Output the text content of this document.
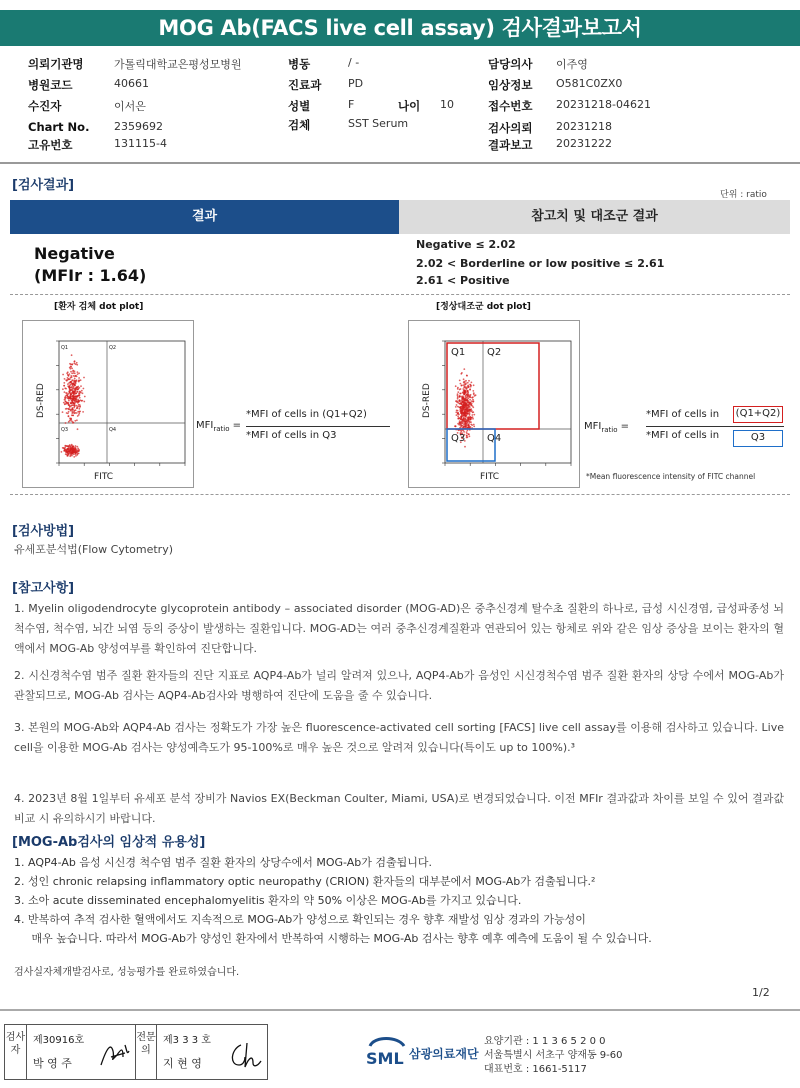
MOG Ab(FACS live cell assay) 검사결과보고서
의뢰기관명	가톨릭대학교은평성모병원
병원코드	40661
수진자	이서은
Chart No. 2359692
고유번호	131115-4
병동	/ -
진료과 PD
성별	F	나이 10
검체	SST Serum
담당의사 이주영
임상정보 O581C0ZX0
접수번호 20231218-04621
검사의뢰 20231218
결과보고 20231222
[검사결과]
단위 : ratio
결과	참고치 및 대조군 결과
Negative
(MFIr : 1.64)
Negative ≤ 2.02
2.02 < Borderline or low positive ≤ 2.61
2.61 < Positive
[환자 검체 dot plot]
Q1	Q2
Q3	Q4
DS-RED
FITC
$MFI_{ratio}$ =
*MFI of cells in (Q1+Q2)
*MFI of cells in Q3
[정상대조군 dot plot]
Q1 Q2
Q3 Q4
DS-RED
FITC
$MFI_{ratio}$ =
*MFI of cells in (Q1+Q2)
*MFI of cells in	Q3
*Mean fluorescence intensity of FITC channel
[검사방법]
유세포분석법(Flow Cytometry)
[참고사항]
1. Myelin oligodendrocyte glycoprotein antibody – associated disorder (MOG-AD)은 중추신경계 탈수초 질환의 하나로, 급성 시신경염, 급성파종성 뇌척수염, 척수염, 뇌간 뇌염 등의 증상이 발생하는 질환입니다. MOG-AD는 여러 중추신경계질환과 연관되어 있는 항체로 위와 같은 임상 증상을 보이는 환자의 혈액에서 MOG-Ab 양성여부를 확인하여 진단합니다.
2. 시신경척수염 범주 질환 환자들의 진단 지표로 AQP4-Ab가 널리 알려져 있으나, AQP4-Ab가 음성인 시신경척수염 범주 질환 환자의 상당 수에서 MOG-Ab가 관찰되므로, MOG-Ab 검사는 AQP4-Ab검사와 병행하여 진단에 도움을 줄 수 있습니다.
3. 본원의 MOG-Ab와 AQP4-Ab 검사는 정확도가 가장 높은 fluorescence-activated cell sorting [FACS] live cell assay를 이용해 검사하고 있습니다. Live cell을 이용한 MOG-Ab 검사는 양성예측도가 95-100%로 매우 높은 것으로 알려져 있습니다(특이도 up to 100%).³
4. 2023년 8월 1일부터 유세포 분석 장비가 Navios EX(Beckman Coulter, Miami, USA)로 변경되었습니다. 이전 MFIr 결과값과 차이를 보일 수 있어 결과값 비교 시 유의하시기 바랍니다.
[MOG-Ab검사의 임상적 유용성]
1. AQP4-Ab 음성 시신경 척수염 범주 질환 환자의 상당수에서 MOG-Ab가 검출됩니다.
2. 성인 chronic relapsing inflammatory optic neuropathy (CRION) 환자들의 대부분에서 MOG-Ab가 검출됩니다.²
3. 소아 acute disseminated encephalomyelitis 환자의 약 50% 이상은 MOG-Ab를 가지고 있습니다.
4. 반복하여 추적 검사한 혈액에서도 지속적으로 MOG-Ab가 양성으로 확인되는 경우 향후 재발성 임상 경과의 가능성이
매우 높습니다. 따라서 MOG-Ab가 양성인 환자에서 반복하여 시행하는 MOG-Ab 검사는 향후 예후 예측에 도움이 될 수 있습니다.
검사실자체개발검사로, 성능평가를 완료하였습니다.
1/2
검사자
제30916호
박 영 주
전문의
제3 3 3 호
지 현 영	SML 삼광의료재단
요양기관 : 1 1 3 6 5 2 0 0
서울특별시 서초구 양재동 9-60
대표번호 : 1661-5117
